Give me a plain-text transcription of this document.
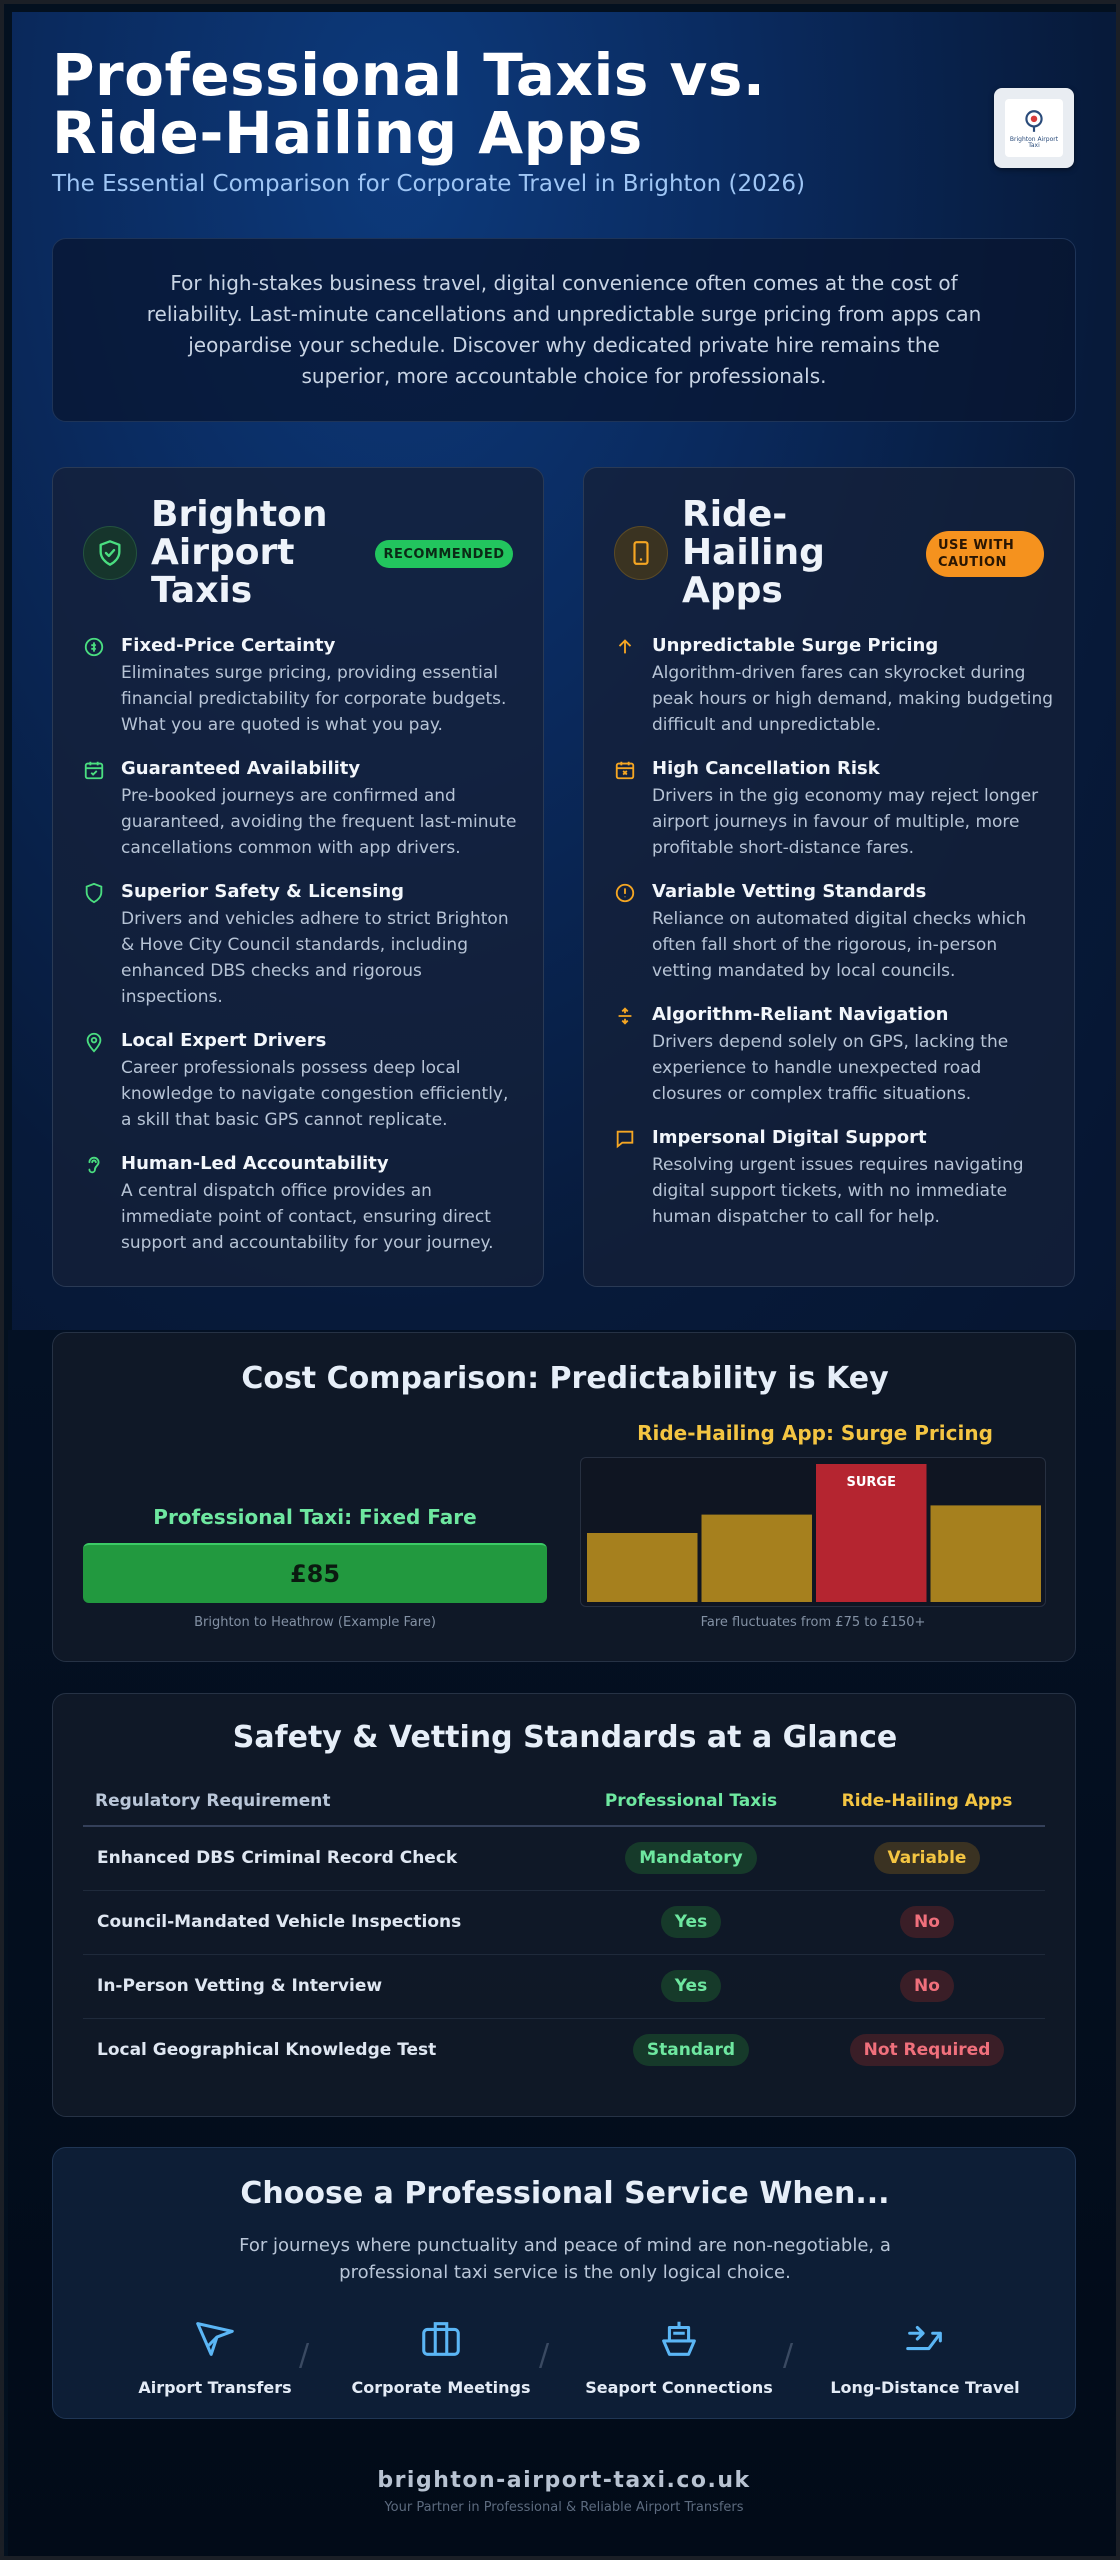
Professional Taxis vs. Ride-Hailing Apps
The Essential Comparison for Corporate Travel in Brighton (2026)
Brighton Airport Taxi

For high-stakes business travel, digital convenience often comes at the cost of reliability. Last-minute cancellations and unpredictable surge pricing from apps can jeopardise your schedule. Discover why dedicated private hire remains the superior, more accountable choice for professionals.

Brighton Airport Taxis
RECOMMENDED
Fixed-Price Certainty
Eliminates surge pricing, providing essential financial predictability for corporate budgets. What you are quoted is what you pay.
Guaranteed Availability
Pre-booked journeys are confirmed and guaranteed, avoiding the frequent last-minute cancellations common with app drivers.
Superior Safety & Licensing
Drivers and vehicles adhere to strict Brighton & Hove City Council standards, including enhanced DBS checks and rigorous inspections.
Local Expert Drivers
Career professionals possess deep local knowledge to navigate congestion efficiently, a skill that basic GPS cannot replicate.
Human-Led Accountability
A central dispatch office provides an immediate point of contact, ensuring direct support and accountability for your journey.
Ride-Hailing Apps
USE WITH CAUTION
Unpredictable Surge Pricing
Algorithm-driven fares can skyrocket during peak hours or high demand, making budgeting difficult and unpredictable.
High Cancellation Risk
Drivers in the gig economy may reject longer airport journeys in favour of multiple, more profitable short-distance fares.
Variable Vetting Standards
Reliance on automated digital checks which often fall short of the rigorous, in-person vetting mandated by local councils.
Algorithm-Reliant Navigation
Drivers depend solely on GPS, lacking the experience to handle unexpected road closures or complex traffic situations.
Impersonal Digital Support
Resolving urgent issues requires navigating digital support tickets, with no immediate human dispatcher to call for help.
Cost Comparison: Predictability is Key
Professional Taxi: Fixed Fare
£85
Brighton to Heathrow (Example Fare)
Ride-Hailing App: Surge Pricing
SURGE
Fare fluctuates from £75 to £150+
Safety & Vetting Standards at a Glance
Regulatory Requirement	Professional Taxis	Ride-Hailing Apps
Enhanced DBS Criminal Record Check	Mandatory	Variable
Council-Mandated Vehicle Inspections	Yes	No
In-Person Vetting & Interview	Yes	No
Local Geographical Knowledge Test	Standard	Not Required
Choose a Professional Service When...
For journeys where punctuality and peace of mind are non-negotiable, a professional taxi service is the only logical choice.
Airport Transfers
/
Corporate Meetings
/
Seaport Connections
/
Long-Distance Travel
brighton-airport-taxi.co.uk
Your Partner in Professional & Reliable Airport Transfers
